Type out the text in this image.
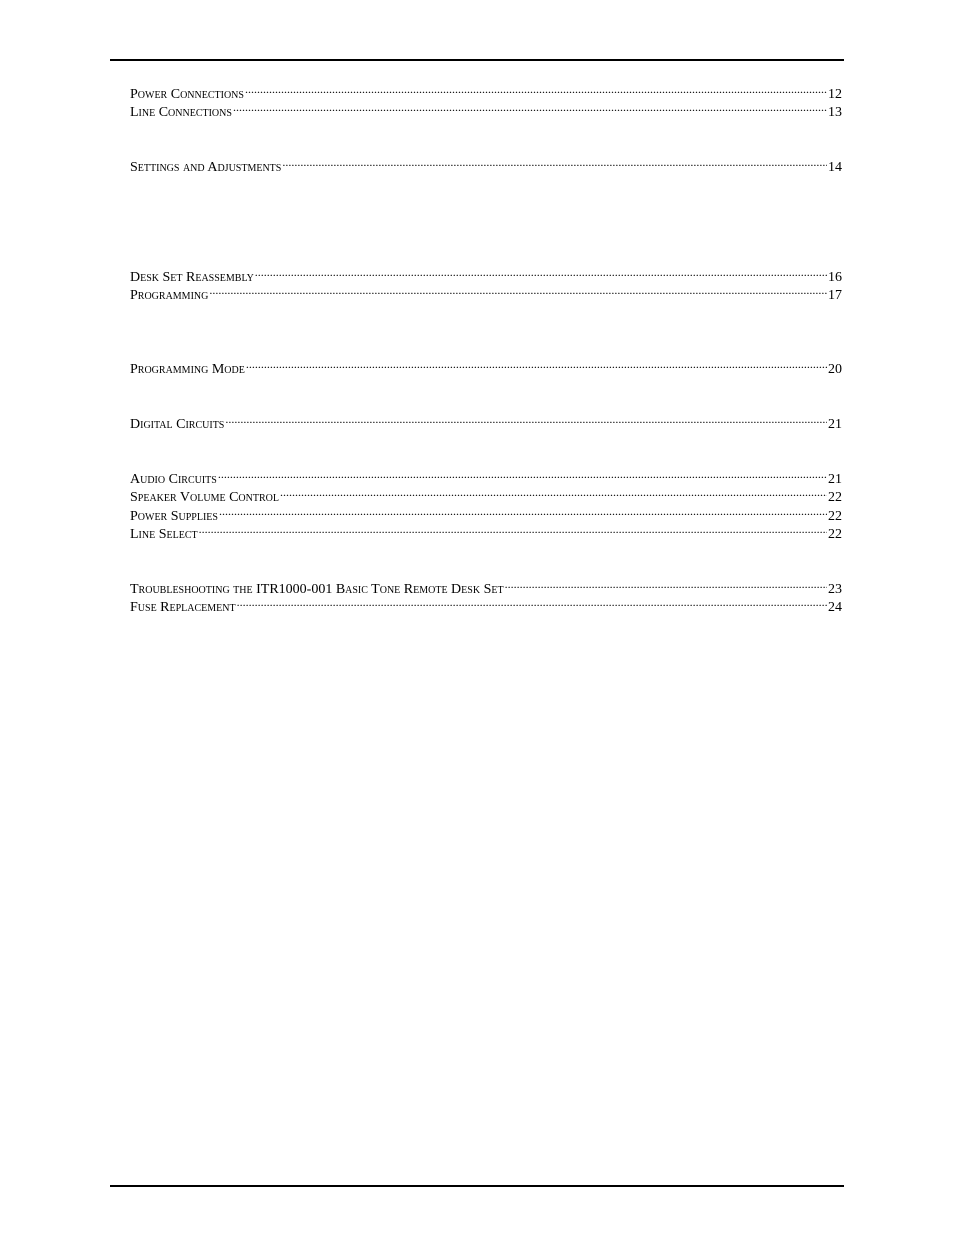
Power Connections .....	12
Line Connections .....	13
Settings and Adjustments .....	14
Desk Set Reassembly .....	16
Programming .....	17
Programming Mode .....	20
Digital Circuits .....	21
Audio Circuits .....	21
Speaker Volume Control .....	22
Power Supplies .....	22
Line Select .....	22
Troubleshooting the ITR1000-001 Basic Tone Remote Desk Set .....	23
Fuse Replacement .....	24
